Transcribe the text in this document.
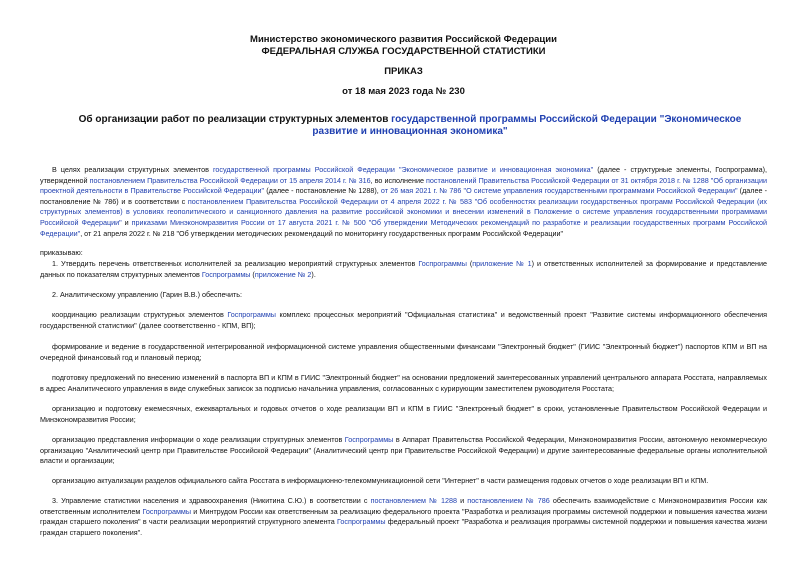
Министерство экономического развития Российской Федерации
ФЕДЕРАЛЬНАЯ СЛУЖБА ГОСУДАРСТВЕННОЙ СТАТИСТИКИ
ПРИКАЗ
от 18 мая 2023 года № 230
Об организации работ по реализации структурных элементов государственной программы Российской Федерации "Экономическое развитие и инновационная экономика"
В целях реализации структурных элементов государственной программы Российской Федерации "Экономическое развитие и инновационная экономика" (далее - структурные элементы, Госпрограмма), утвержденной постановлением Правительства Российской Федерации от 15 апреля 2014 г. № 316, во исполнение постановлений Правительства Российской Федерации от 31 октября 2018 г. № 1288 "Об организации проектной деятельности в Правительстве Российской Федерации" (далее - постановление № 1288), от 26 мая 2021 г. № 786 "О системе управления государственными программами Российской Федерации" (далее - постановление № 786) и в соответствии с постановлением Правительства Российской Федерации от 4 апреля 2022 г. № 583 "Об особенностях реализации государственных программ Российской Федерации (их структурных элементов) в условиях геополитического и санкционного давления на развитие российской экономики и внесении изменений в Положение о системе управления государственными программами Российской Федерации" и приказами Минэкономразвития России от 17 августа 2021 г. № 500 "Об утверждении Методических рекомендаций по разработке и реализации государственных программ Российской Федерации", от 21 апреля 2022 г. № 218 "Об утверждении методических рекомендаций по мониторингу государственных программ Российской Федерации"
приказываю:
1. Утвердить перечень ответственных исполнителей за реализацию мероприятий структурных элементов Госпрограммы (приложение № 1) и ответственных исполнителей за формирование и представление данных по показателям структурных элементов Госпрограммы (приложение № 2).
2. Аналитическому управлению (Гарин В.В.) обеспечить:
координацию реализации структурных элементов Госпрограммы комплекс процессных мероприятий "Официальная статистика" и ведомственный проект "Развитие системы информационного обеспечения государственной статистики" (далее соответственно - КПМ, ВП);
формирование и ведение в государственной интегрированной информационной системе управления общественными финансами "Электронный бюджет" (ГИИС "Электронный бюджет") паспортов КПМ и ВП на очередной финансовый год и плановый период;
подготовку предложений по внесению изменений в паспорта ВП и КПМ в ГИИС "Электронный бюджет" на основании предложений заинтересованных управлений центрального аппарата Росстата, направляемых в адрес Аналитического управления в виде служебных записок за подписью начальника управления, согласованных с курирующим заместителем руководителя Росстата;
организацию и подготовку ежемесячных, ежеквартальных и годовых отчетов о ходе реализации ВП и КПМ в ГИИС "Электронный бюджет" в сроки, установленные Правительством Российской Федерации и Минэкономразвития России;
организацию представления информации о ходе реализации структурных элементов Госпрограммы в Аппарат Правительства Российской Федерации, Минэкономразвития России, автономную некоммерческую организацию "Аналитический центр при Правительстве Российской Федерации" (Аналитический центр при Правительстве Российской Федерации) и другие заинтересованные федеральные органы исполнительной власти и организации;
организацию актуализации разделов официального сайта Росстата в информационно-телекоммуникационной сети "Интернет" в части размещения годовых отчетов о ходе реализации ВП и КПМ.
3. Управление статистики населения и здравоохранения (Никитина С.Ю.) в соответствии с постановлением № 1288 и постановлением № 786 обеспечить взаимодействие с Минэкономразвития России как ответственным исполнителем Госпрограммы и Минтрудом России как ответственным за реализацию федерального проекта "Разработка и реализация программы системной поддержки и повышения качества жизни граждан старшего поколения" в части реализации мероприятий структурного элемента Госпрограммы федеральный проект "Разработка и реализация программы системной поддержки и повышения качества жизни граждан старшего поколения".
